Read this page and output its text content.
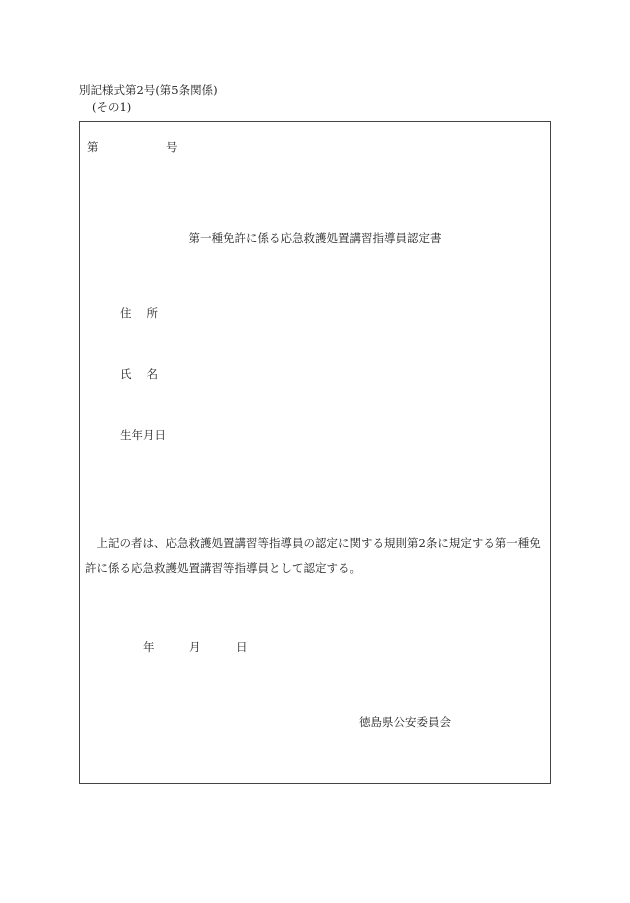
別記様式第2号(第5条関係)
(その1)
第	号
第一種免許に係る応急救護処置講習指導員認定書
住所
氏名
生年月日
上記の者は、応急救護処置講習等指導員の認定に関する規則第2条に規定する第一種免許に係る応急救護処置講習等指導員として認定する。
年	月	日
徳島県公安委員会
